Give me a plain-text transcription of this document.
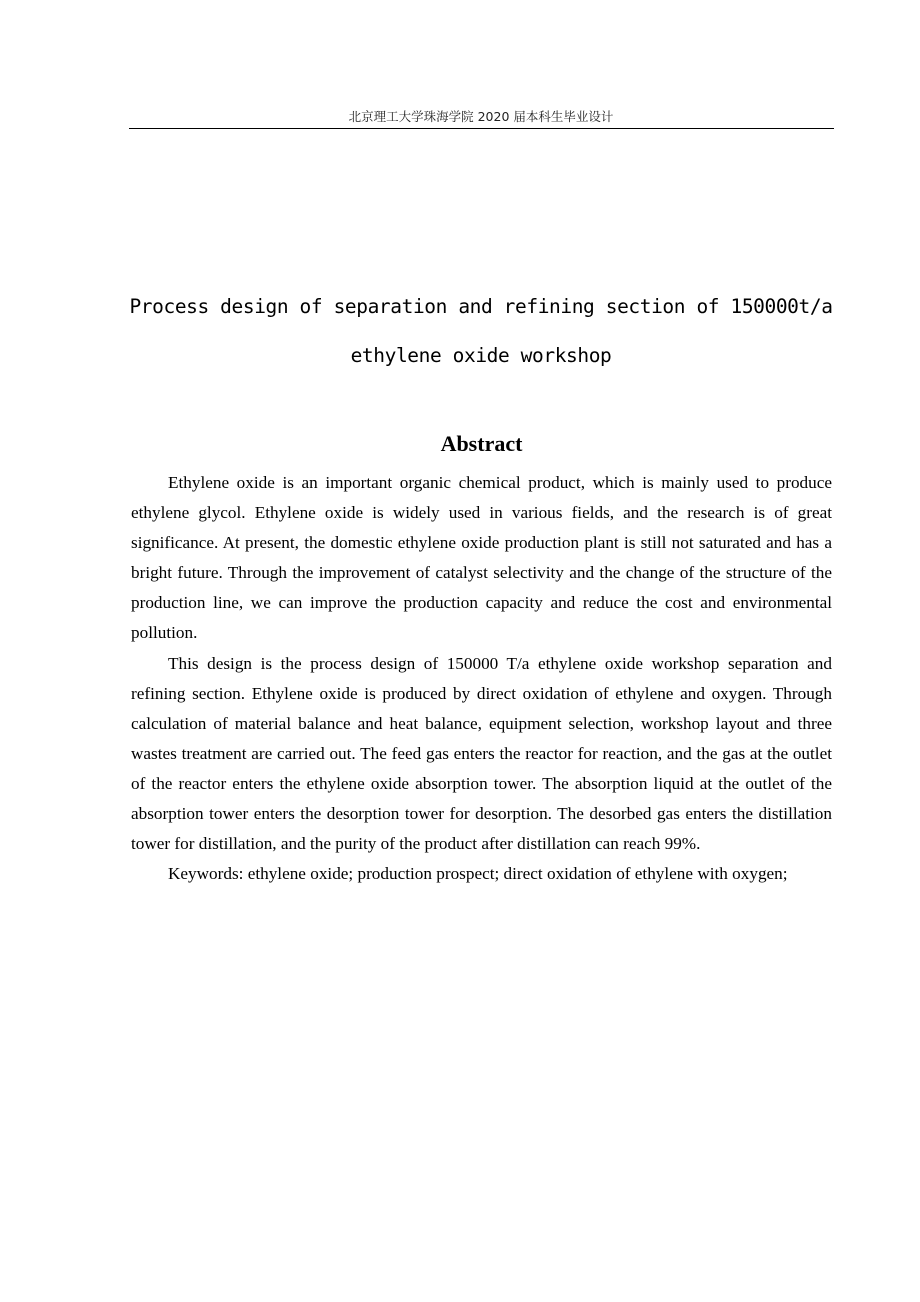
北京理工大学珠海学院 2020 届本科生毕业设计
Process design of separation and refining section of 150000t/a
ethylene oxide workshop
Abstract

Ethylene oxide is an important organic chemical product, which is mainly used to produce ethylene glycol. Ethylene oxide is widely used in various fields, and the research is of great significance. At present, the domestic ethylene oxide production plant is still not saturated and has a bright future. Through the improvement of catalyst selectivity and the change of the structure of the production line, we can improve the production capacity and reduce the cost and environmental pollution.

This design is the process design of 150000 T/a ethylene oxide workshop separation and refining section. Ethylene oxide is produced by direct oxidation of ethylene and oxygen. Through calculation of material balance and heat balance, equipment selection, workshop layout and three wastes treatment are carried out. The feed gas enters the reactor for reaction, and the gas at the outlet of the reactor enters the ethylene oxide absorption tower. The absorption liquid at the outlet of the absorption tower enters the desorption tower for desorption. The desorbed gas enters the distillation tower for distillation, and the purity of the product after distillation can reach 99%.

Keywords: ethylene oxide; production prospect; direct oxidation of ethylene with oxygen;
